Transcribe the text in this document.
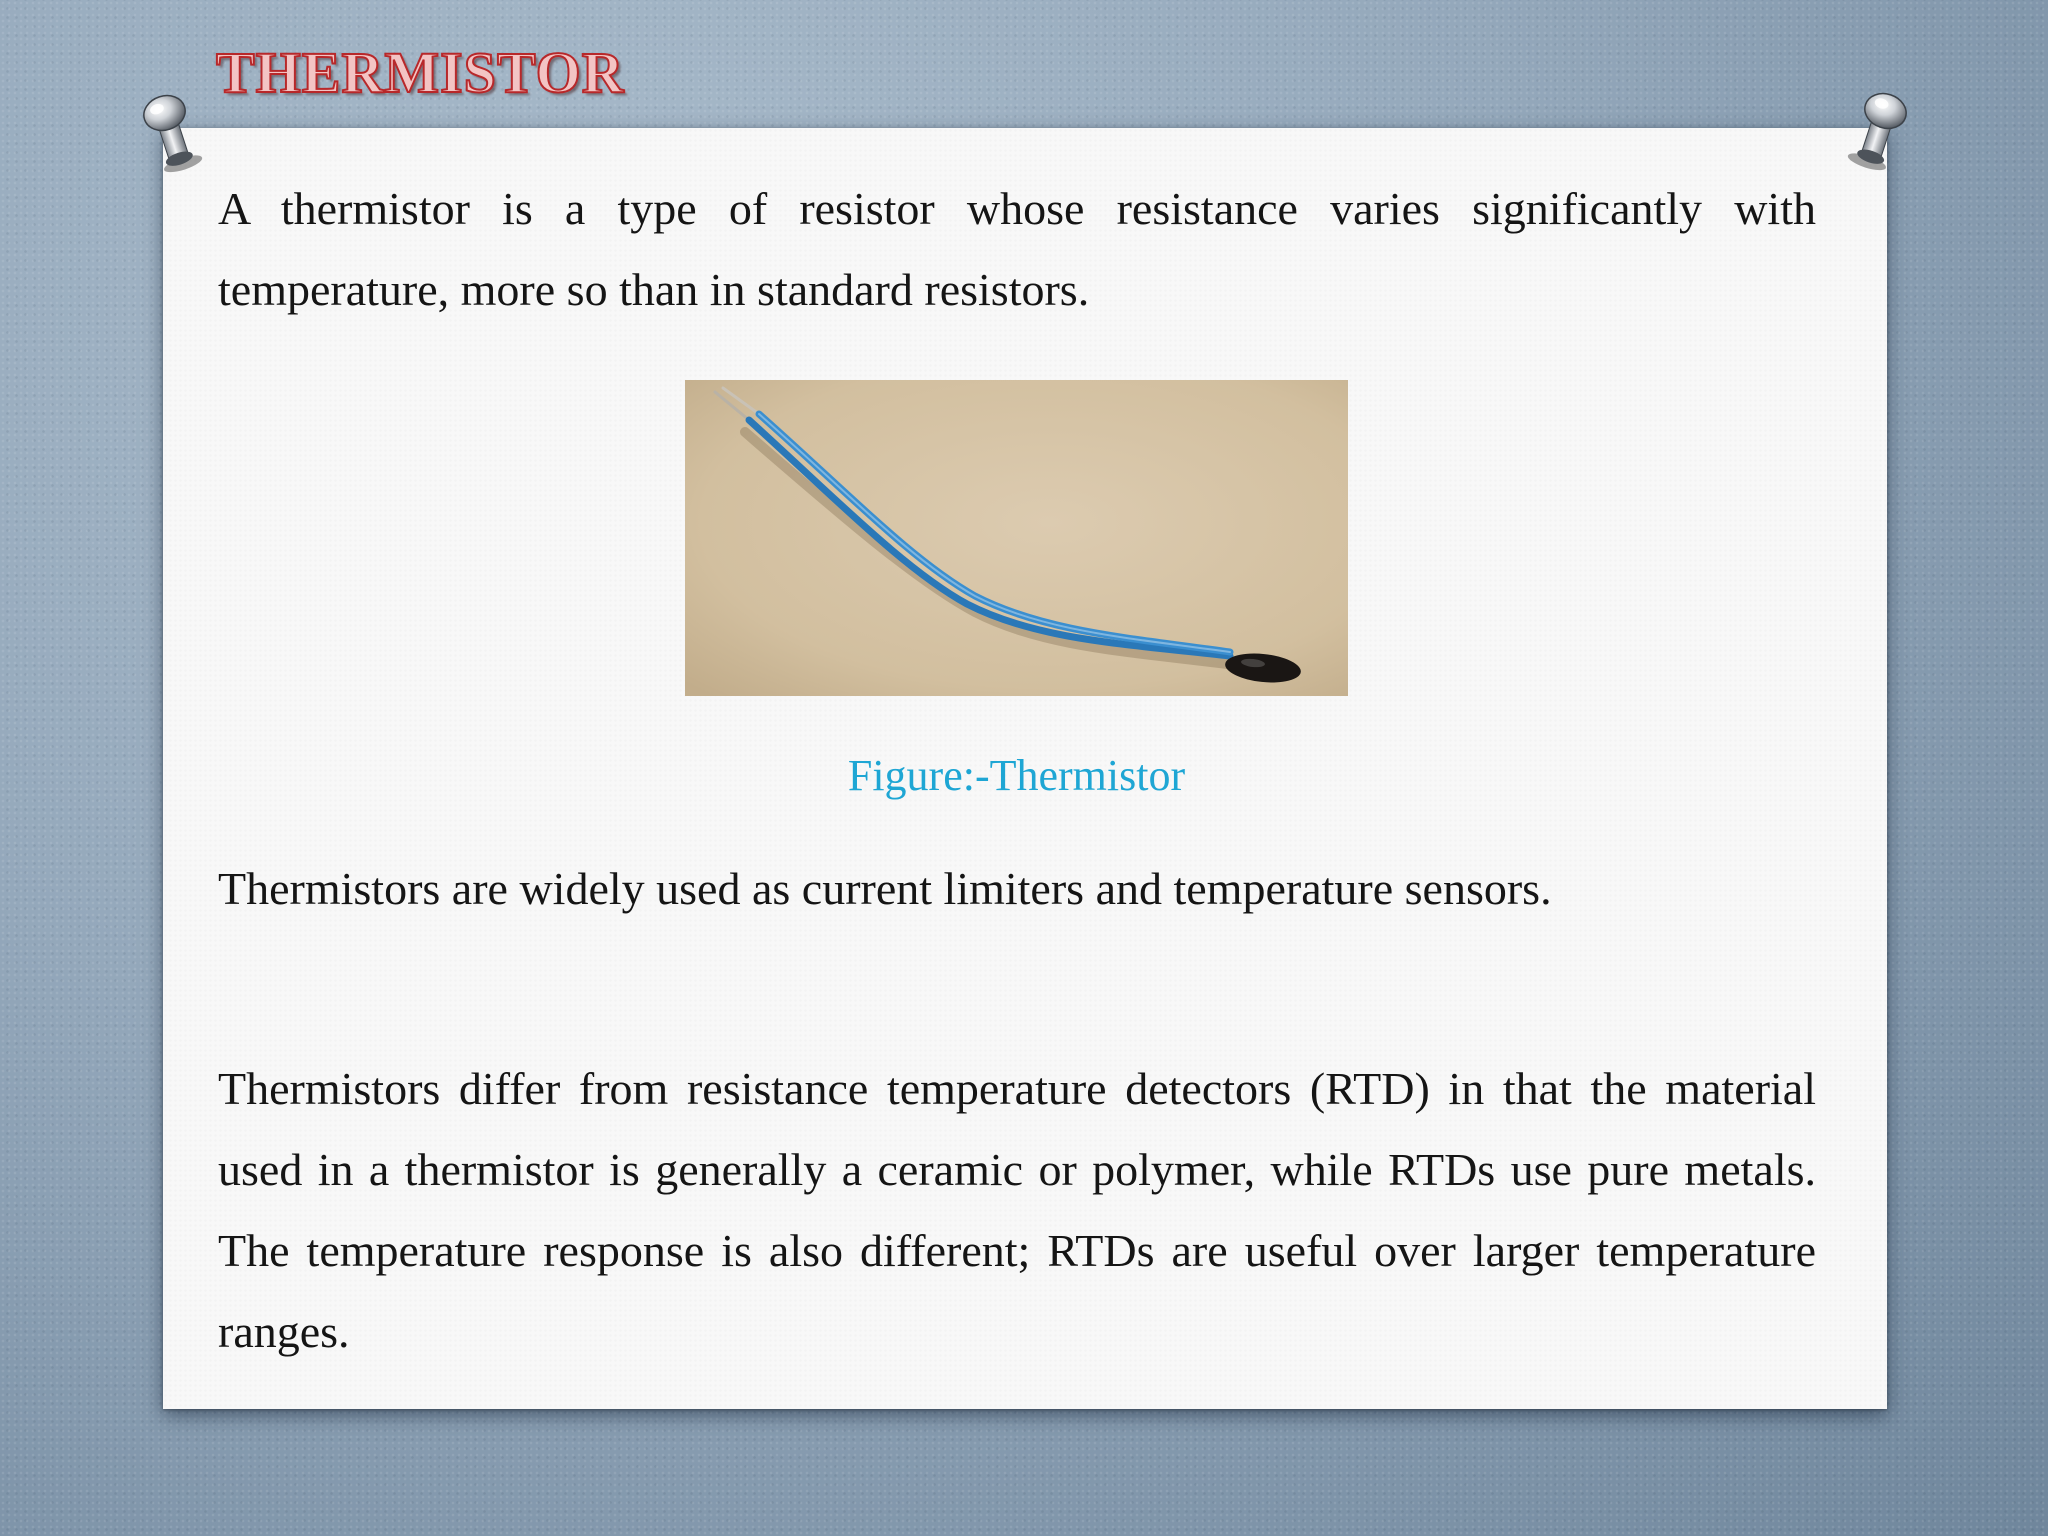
THERMISTOR

A thermistor is a type of resistor whose resistance varies significantly with temperature, more so than in standard resistors.

Figure:-Thermistor

Thermistors are widely used as current limiters and temperature sensors.

Thermistors differ from resistance temperature detectors (RTD) in that the material used in a thermistor is generally a ceramic or polymer, while RTDs use pure metals. The temperature response is also different; RTDs are useful over larger temperature ranges.
